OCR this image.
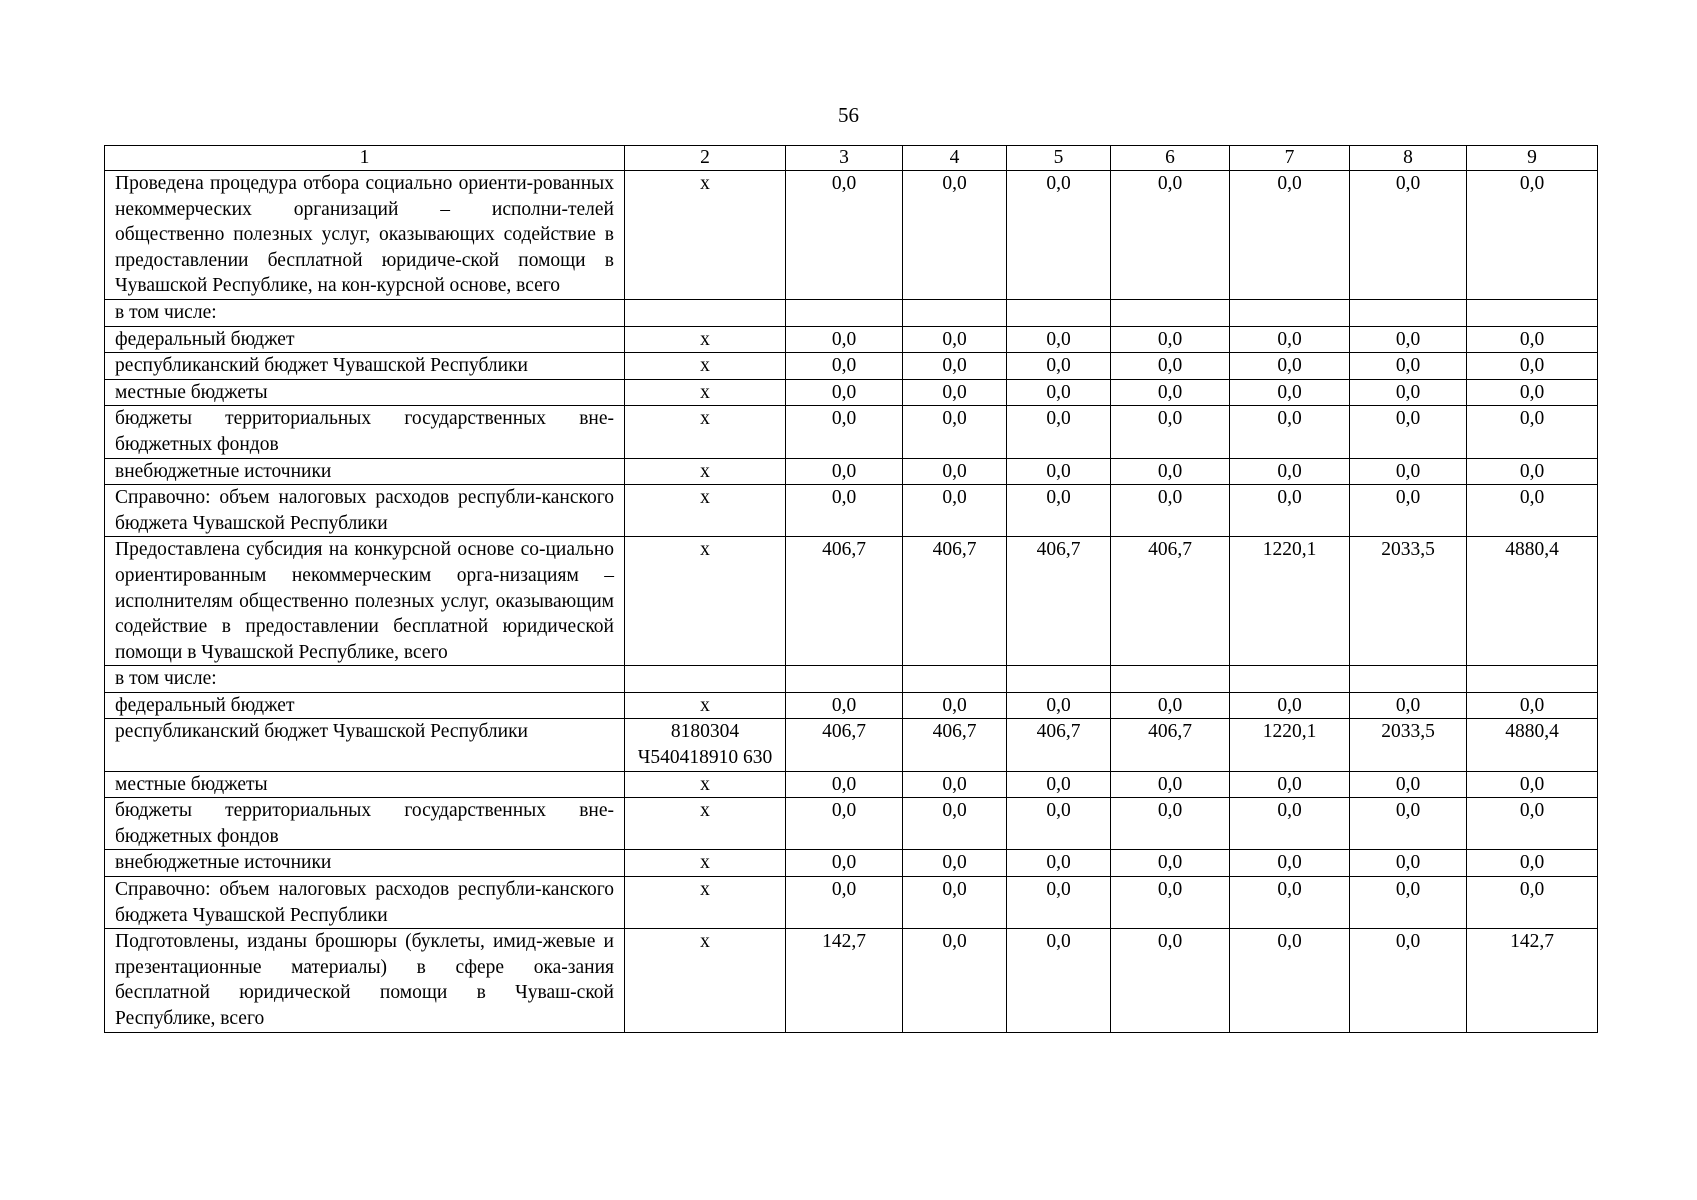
56
1	2	3	4	5	6	7	8	9
Проведена процедура отбора социально ориенти-рованных некоммерческих организаций – исполни-телей общественно полезных услуг, оказывающих содействие в предоставлении бесплатной юридиче-ской помощи в Чувашской Республике, на кон-курсной основе, всего	х	0,0	0,0	0,0	0,0	0,0	0,0	0,0
в том числе:								
федеральный бюджет	х	0,0	0,0	0,0	0,0	0,0	0,0	0,0
республиканский бюджет Чувашской Республики	х	0,0	0,0	0,0	0,0	0,0	0,0	0,0
местные бюджеты	х	0,0	0,0	0,0	0,0	0,0	0,0	0,0
бюджеты территориальных государственных вне-бюджетных фондов	х	0,0	0,0	0,0	0,0	0,0	0,0	0,0
внебюджетные источники	х	0,0	0,0	0,0	0,0	0,0	0,0	0,0
Справочно: объем налоговых расходов республи-канского бюджета Чувашской Республики	х	0,0	0,0	0,0	0,0	0,0	0,0	0,0
Предоставлена субсидия на конкурсной основе со-циально ориентированным некоммерческим орга-низациям – исполнителям общественно полезных услуг, оказывающим содействие в предоставлении бесплатной юридической помощи в Чувашской Республике, всего	х	406,7	406,7	406,7	406,7	1220,1	2033,5	4880,4
в том числе:								
федеральный бюджет	х	0,0	0,0	0,0	0,0	0,0	0,0	0,0
республиканский бюджет Чувашской Республики	8180304 Ч540418910 630	406,7	406,7	406,7	406,7	1220,1	2033,5	4880,4
местные бюджеты	х	0,0	0,0	0,0	0,0	0,0	0,0	0,0
бюджеты территориальных государственных вне-бюджетных фондов	х	0,0	0,0	0,0	0,0	0,0	0,0	0,0
внебюджетные источники	х	0,0	0,0	0,0	0,0	0,0	0,0	0,0
Справочно: объем налоговых расходов республи-канского бюджета Чувашской Республики	х	0,0	0,0	0,0	0,0	0,0	0,0	0,0
Подготовлены, изданы брошюры (буклеты, имид-жевые и презентационные материалы) в сфере ока-зания бесплатной юридической помощи в Чуваш-ской Республике, всего	х	142,7	0,0	0,0	0,0	0,0	0,0	142,7
